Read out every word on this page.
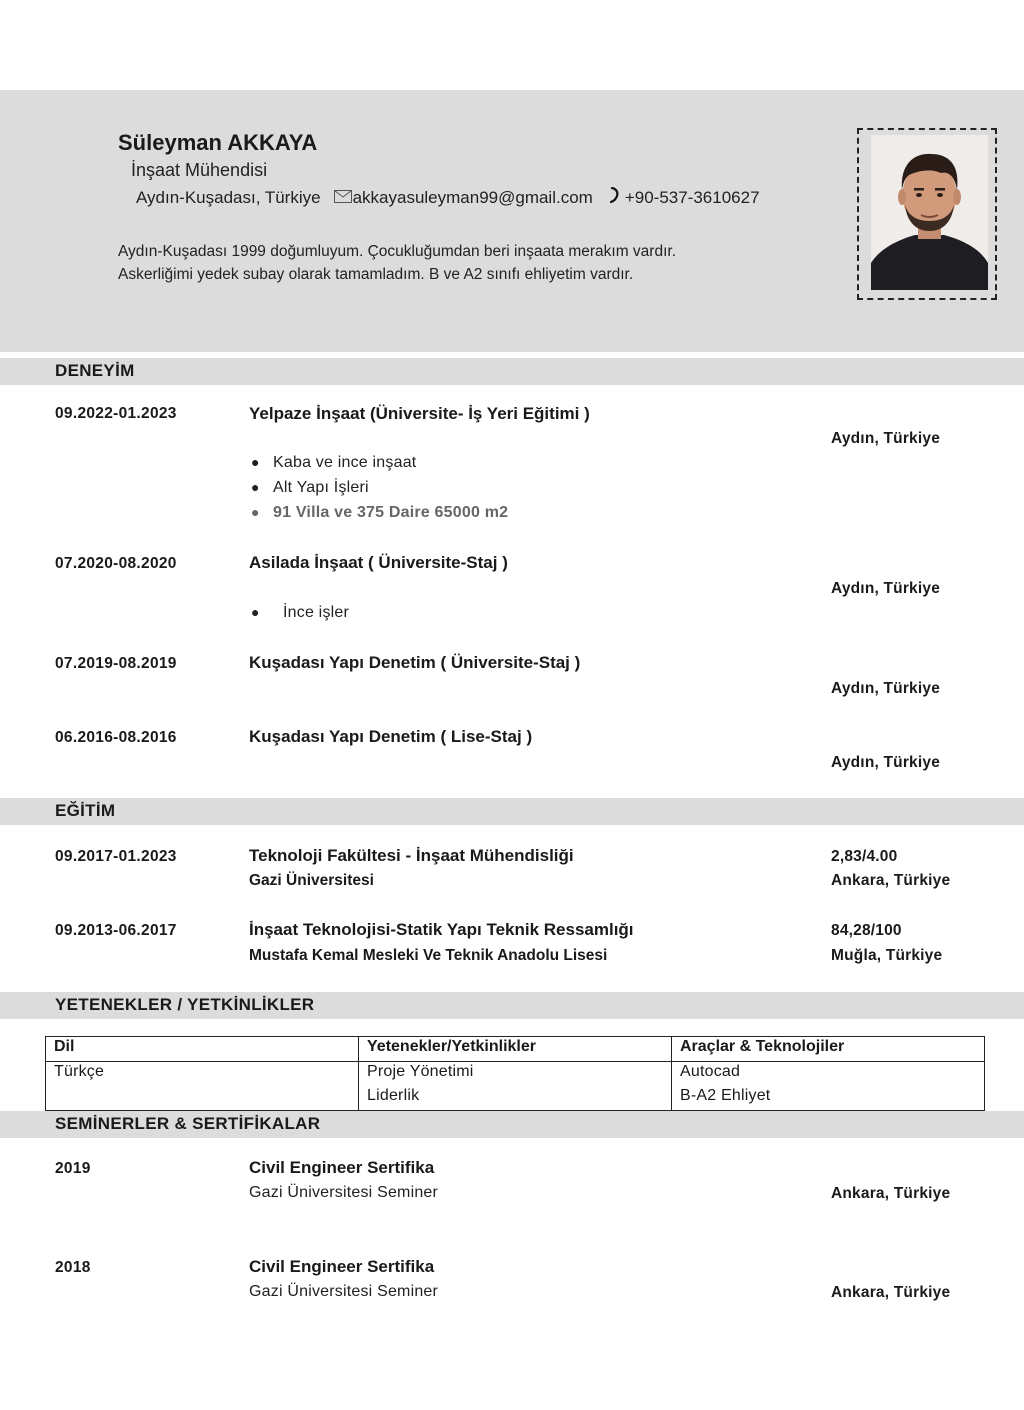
Süleyman AKKAYA
İnşaat Mühendisi
Aydın-Kuşadası, Türkiye akkayasuleyman99@gmail.com +90-537-3610627
Aydın-Kuşadası 1999 doğumluyum. Çocukluğumdan beri inşaata merakım vardır.
Askerliğimi yedek subay olarak tamamladım. B ve A2 sınıfı ehliyetim vardır.
DENEYİM
09.2022-01.2023	Yelpaze İnşaat (Üniversite- İş Yeri Eğitimi )
Aydın, Türkiye
● Kaba ve ince inşaat
● Alt Yapı İşleri
● 91 Villa ve 375 Daire 65000 m2
07.2020-08.2020	Asilada İnşaat ( Üniversite-Staj )
Aydın, Türkiye
● İnce işler
07.2019-08.2019	Kuşadası Yapı Denetim ( Üniversite-Staj )
Aydın, Türkiye
06.2016-08.2016	Kuşadası Yapı Denetim ( Lise-Staj )
Aydın, Türkiye
EĞİTİM
09.2017-01.2023	Teknoloji Fakültesi - İnşaat Mühendisliği
Gazi Üniversitesi
2,83/4.00
Ankara, Türkiye
09.2013-06.2017	İnşaat Teknolojisi-Statik Yapı Teknik Ressamlığı
Mustafa Kemal Mesleki Ve Teknik Anadolu Lisesi
84,28/100
Muğla, Türkiye
YETENEKLER / YETKİNLİKLER
Dil	Yetenekler/Yetkinlikler	Araçlar & Teknolojiler
Türkçe	Proje Yönetimi	Autocad
	Liderlik	B-A2 Ehliyet
SEMİNERLER & SERTİFİKALAR
2019	Civil Engineer Sertifika
Gazi Üniversitesi Seminer	Ankara, Türkiye
2018	Civil Engineer Sertifika
Gazi Üniversitesi Seminer	Ankara, Türkiye
